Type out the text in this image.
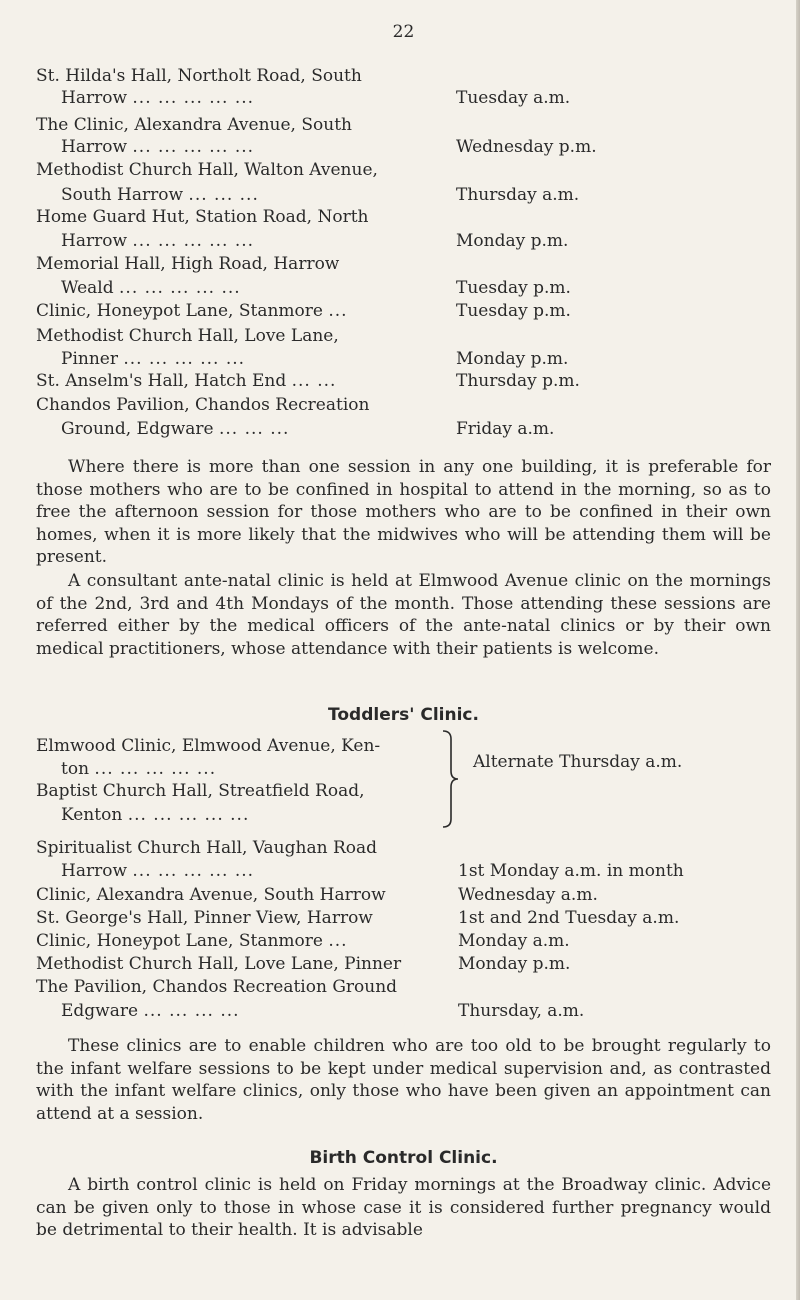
22
St. Hilda's Hall, Northolt Road, South
Harrow ... ... ... ... ...	Tuesday a.m.
The Clinic, Alexandra Avenue, South
Harrow ... ... ... ... ...	Wednesday p.m.
Methodist Church Hall, Walton Avenue,
South Harrow ... ... ...	Thursday a.m.
Home Guard Hut, Station Road, North
Harrow ... ... ... ... ...	Monday p.m.
Memorial Hall, High Road, Harrow
Weald ... ... ... ... ...	Tuesday p.m.
Clinic, Honeypot Lane, Stanmore ...	Tuesday p.m.
Methodist Church Hall, Love Lane,
Pinner ... ... ... ... ...	Monday p.m.
St. Anselm's Hall, Hatch End ... ...	Thursday p.m.
Chandos Pavilion, Chandos Recreation
Ground, Edgware ... ... ...	Friday a.m.
Where there is more than one session in any one building, it is preferable for those mothers who are to be confined in hospital to attend in the morning, so as to free the afternoon session for those mothers who are to be confined in their own homes, when it is more likely that the midwives who will be attending them will be present.
A consultant ante-natal clinic is held at Elmwood Avenue clinic on the mornings of the 2nd, 3rd and 4th Mondays of the month. Those attending these sessions are referred either by the medical officers of the ante-natal clinics or by their own medical practitioners, whose attendance with their patients is welcome.
Toddlers' Clinic.
Elmwood Clinic, Elmwood Avenue, Ken-
ton ... ... ... ... ...
Baptist Church Hall, Streatfield Road,
Kenton ... ... ... ... ...
Alternate Thursday a.m.
Spiritualist Church Hall, Vaughan Road
Harrow ... ... ... ... ...	1st Monday a.m. in month
Clinic, Alexandra Avenue, South Harrow	Wednesday a.m.
St. George's Hall, Pinner View, Harrow	1st and 2nd Tuesday a.m.
Clinic, Honeypot Lane, Stanmore ...	Monday a.m.
Methodist Church Hall, Love Lane, Pinner	Monday p.m.
The Pavilion, Chandos Recreation Ground
Edgware ... ... ... ...	Thursday, a.m.
These clinics are to enable children who are too old to be brought regularly to the infant welfare sessions to be kept under medical supervision and, as contrasted with the infant welfare clinics, only those who have been given an appointment can attend at a session.
Birth Control Clinic.
A birth control clinic is held on Friday mornings at the Broadway clinic. Advice can be given only to those in whose case it is considered further pregnancy would be detrimental to their health. It is advisable
